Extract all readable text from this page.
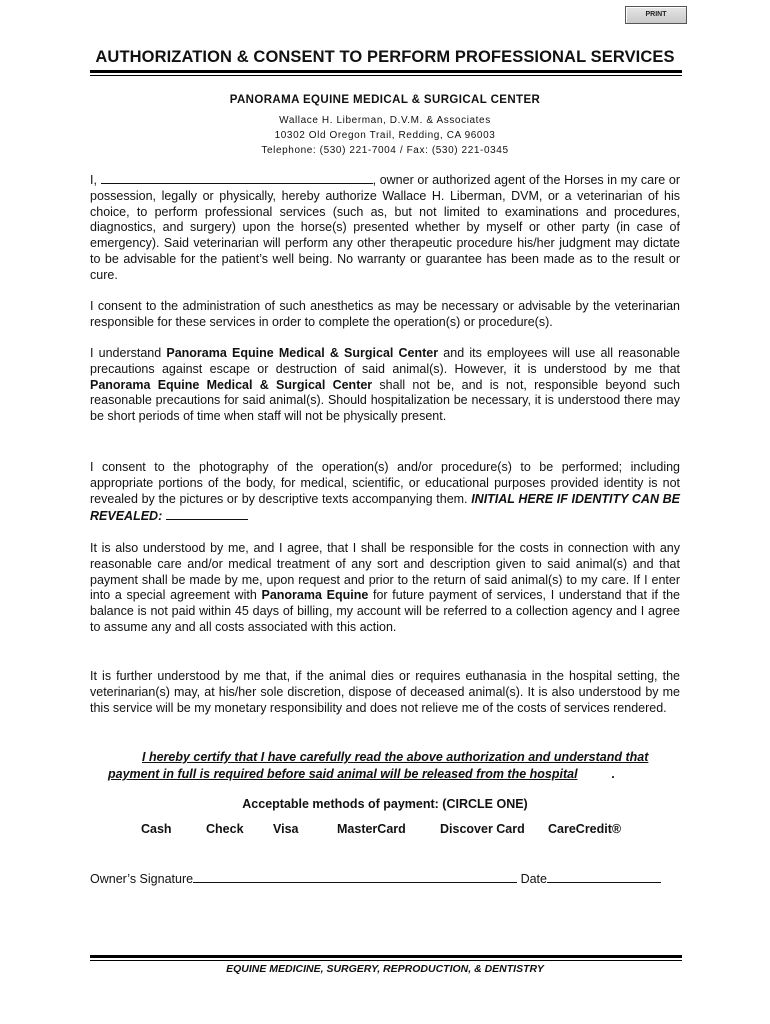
PRINT
AUTHORIZATION & CONSENT TO PERFORM PROFESSIONAL SERVICES
PANORAMA EQUINE MEDICAL & SURGICAL CENTER
Wallace H. Liberman, D.V.M. & Associates
10302 Old Oregon Trail, Redding, CA 96003
Telephone: (530) 221-7004 / Fax: (530) 221-0345

I,	, owner or authorized agent of the Horses in my care or possession, legally or physically, hereby authorize Wallace H. Liberman, DVM, or a veterinarian of his choice, to perform professional services (such as, but not limited to examinations and procedures, diagnostics, and surgery) upon the horse(s) presented whether by myself or other party (in case of emergency). Said veterinarian will perform any other therapeutic procedure his/her judgment may dictate to be advisable for the patient’s well being. No warranty or guarantee has been made as to the result or cure.

I consent to the administration of such anesthetics as may be necessary or advisable by the veterinarian responsible for these services in order to complete the operation(s) or procedure(s).

I understand Panorama Equine Medical & Surgical Center and its employees will use all reasonable precautions against escape or destruction of said animal(s). However, it is understood by me that Panorama Equine Medical & Surgical Center shall not be, and is not, responsible beyond such reasonable precautions for said animal(s). Should hospitalization be necessary, it is understood there may be short periods of time when staff will not be physically present.

I consent to the photography of the operation(s) and/or procedure(s) to be performed; including appropriate portions of the body, for medical, scientific, or educational purposes provided identity is not revealed by the pictures or by descriptive texts accompanying them. INITIAL HERE IF IDENTITY CAN BE REVEALED:

It is also understood by me, and I agree, that I shall be responsible for the costs in connection with any reasonable care and/or medical treatment of any sort and description given to said animal(s) and that payment shall be made by me, upon request and prior to the return of said animal(s) to my care. If I enter into a special agreement with Panorama Equine for future payment of services, I understand that if the balance is not paid within 45 days of billing, my account will be referred to a collection agency and I agree to assume any and all costs associated with this action.

It is further understood by me that, if the animal dies or requires euthanasia in the hospital setting, the veterinarian(s) may, at his/her sole discretion, dispose of deceased animal(s). It is also understood by me this service will be my monetary responsibility and does not relieve me of the costs of services rendered.

I hereby certify that I have carefully read the above authorization and understand that payment in full is required before said animal will be released from the hospital	.

Acceptable methods of payment: (CIRCLE ONE)

Cash	Check Visa	MasterCard	Discover Card CareCredit®
Owner’s Signature	Date

EQUINE MEDICINE, SURGERY, REPRODUCTION, & DENTISTRY
